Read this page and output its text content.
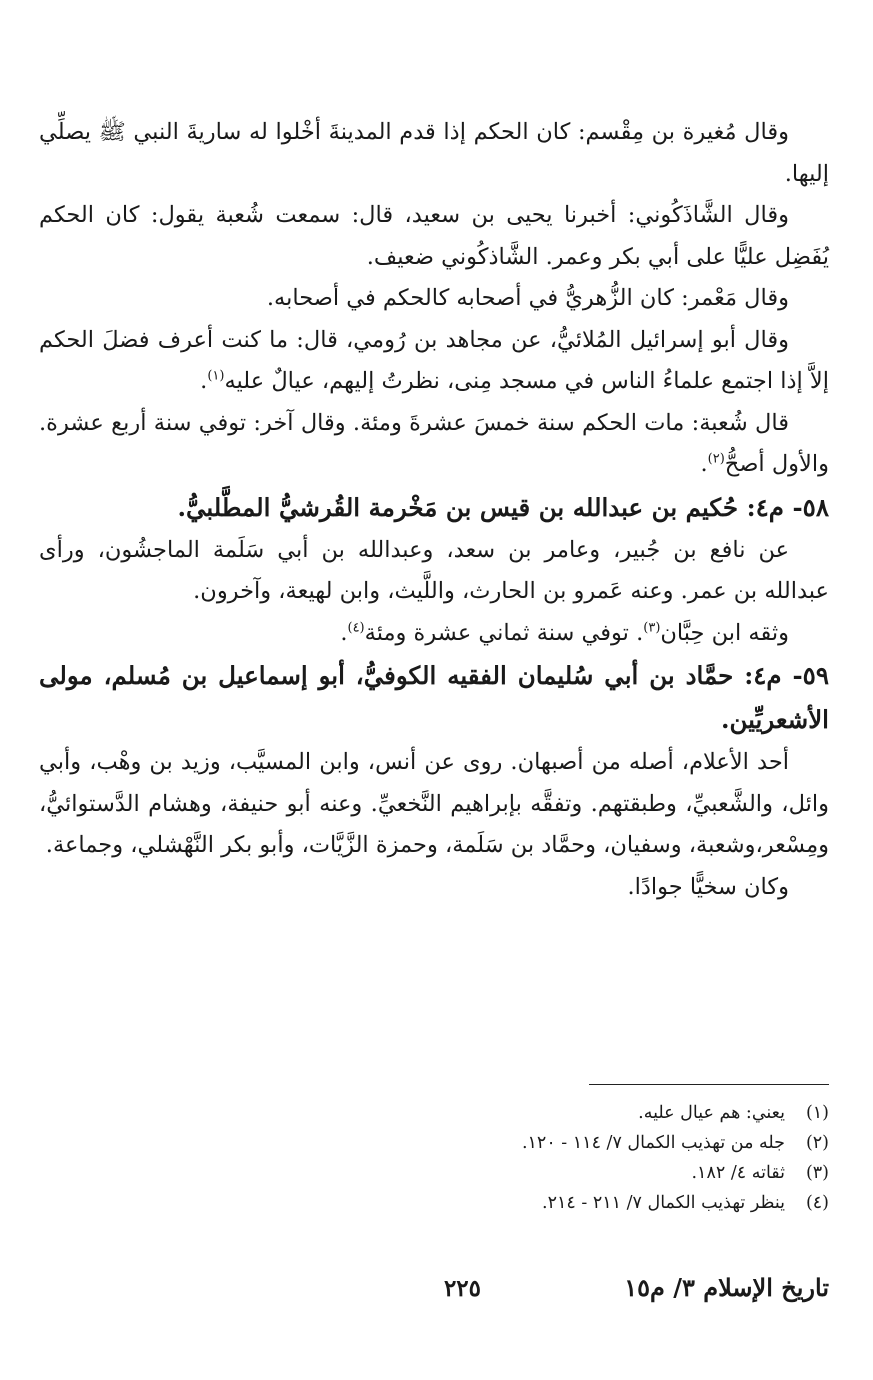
وقال مُغيرة بن مِقْسم: كان الحكم إذا قدم المدينةَ أخْلوا له ساريةَ النبي ﷺ يصلِّي إليها.

وقال الشَّاذَكُوني: أخبرنا يحيى بن سعيد، قال: سمعت شُعبة يقول: كان الحكم يُفَضِل عليًّا على أبي بكر وعمر. الشَّاذكُوني ضعيف.

وقال مَعْمر: كان الزُّهريُّ في أصحابه كالحكم في أصحابه.

وقال أبو إسرائيل المُلائيُّ، عن مجاهد بن رُومي، قال: ما كنت أعرف فضلَ الحكم إلاَّ إذا اجتمع علماءُ الناس في مسجد مِنى، نظرتُ إليهم، عيالٌ عليه$^{(١)}$.

قال شُعبة: مات الحكم سنة خمسَ عشرةَ ومئة. وقال آخر: توفي سنة أربع عشرة. والأول أصحُّ$^{(٢)}$.

٥٨- م٤: حُكيم بن عبدالله بن قيس بن مَخْرمة القُرشيُّ المطَّلبيُّ.

عن نافع بن جُبير، وعامر بن سعد، وعبدالله بن أبي سَلَمة الماجشُون، ورأى عبدالله بن عمر. وعنه عَمرو بن الحارث، واللَّيث، وابن لهيعة، وآخرون.

وثقه ابن حِبَّان$^{(٣)}$. توفي سنة ثماني عشرة ومئة$^{(٤)}$.

٥٩- م٤: حمَّاد بن أبي سُليمان الفقيه الكوفيُّ، أبو إسماعيل بن مُسلم، مولى الأشعريِّين.

أحد الأعلام، أصله من أصبهان. روى عن أنس، وابن المسيَّب، وزيد بن وهْب، وأبي وائل، والشَّعبيِّ، وطبقتهم. وتفقَّه بإبراهيم النَّخعيِّ. وعنه أبو حنيفة، وهشام الدَّستوائيُّ، ومِسْعر،وشعبة، وسفيان، وحمَّاد بن سَلَمة، وحمزة الزَّيَّات، وأبو بكر النَّهْشلي، وجماعة.

وكان سخيًّا جوادًا.

(١)يعني: هم عيال عليه.

(٢)جله من تهذيب الكمال ٧/ ١١٤ - ١٢٠.

(٣)ثقاته ٤/ ١٨٢.

(٤)ينظر تهذيب الكمال ٧/ ٢١١ - ٢١٤.

تاريخ الإسلام ٣/ م١٥
٢٢٥
